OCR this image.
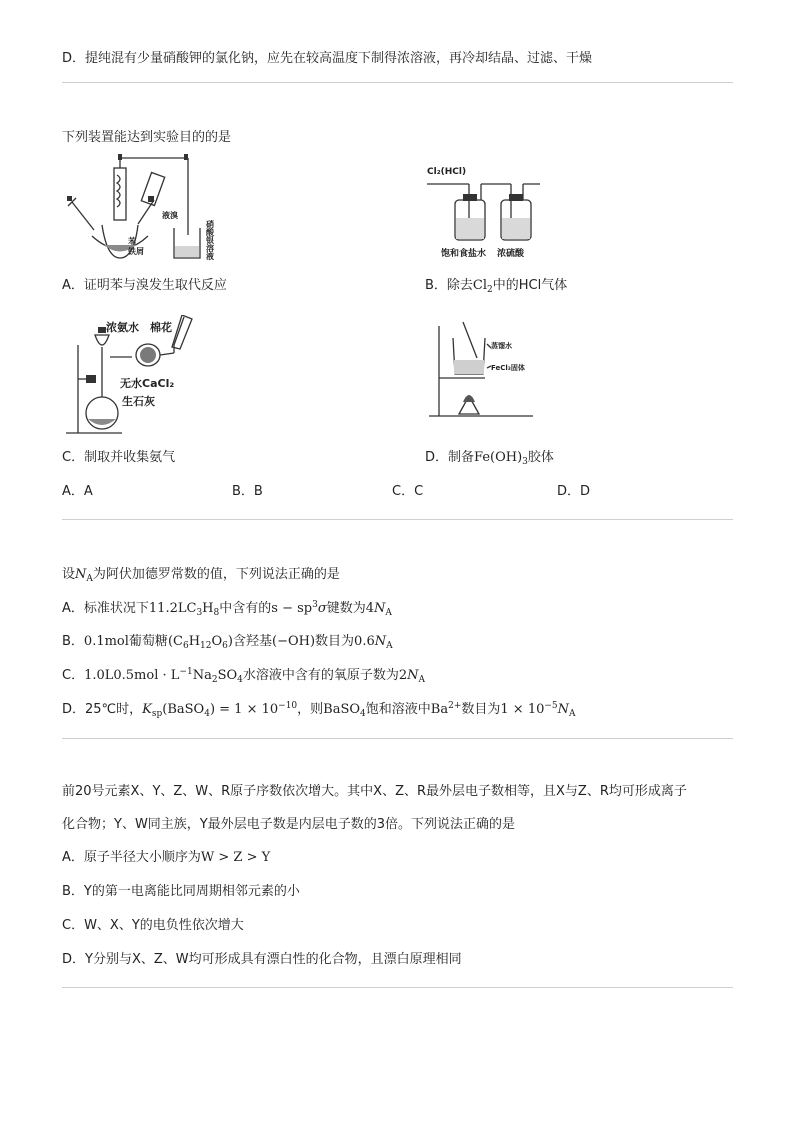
D．提纯混有少量硝酸钾的氯化钠，应先在较高温度下制得浓溶液，再冷却结晶、过滤、干燥
下列装置能达到实验目的的是
液溴
苯
铁屑	硝酸银溶液
Cl₂(HCl)
饱和食盐水 浓硫酸
A．证明苯与溴发生取代反应	B．除去$Cl_2$中的HCl气体
浓氨水 棉花
无水CaCl₂
生石灰
蒸馏水
FeCl₃固体
C．制取并收集氨气	D．制备$Fe(OH)_3$胶体
A．A	B．B	C．C	D．D
设$N_A$为阿伏加德罗常数的值，下列说法正确的是
A．标准状况下$11.2LC_3H_8$中含有的$s - sp^3\sigma$键数为$4N_A$
B．0.1mol葡萄糖$(C_6H_{12}O_6)$含羟基(−OH)数目为$0.6N_A$
C．$1.0L0.5mol \cdot L^{-1}Na_2SO_4$水溶液中含有的氧原子数为$2N_A$
D．25℃时，$K_{sp}(BaSO_4) = 1 \times 10^{-10}$，则BaSO$_4$饱和溶液中$Ba^{2+}$数目为$1 \times 10^{-5}N_A$
前20号元素X、Y、Z、W、R原子序数依次增大。其中X、Z、R最外层电子数相等，且X与Z、R均可形成离子
化合物；Y、W同主族，Y最外层电子数是内层电子数的3倍。下列说法正确的是
A．原子半径大小顺序为W > Z > Y
B．Y的第一电离能比同周期相邻元素的小
C．W、X、Y的电负性依次增大
D．Y分别与X、Z、W均可形成具有漂白性的化合物，且漂白原理相同
